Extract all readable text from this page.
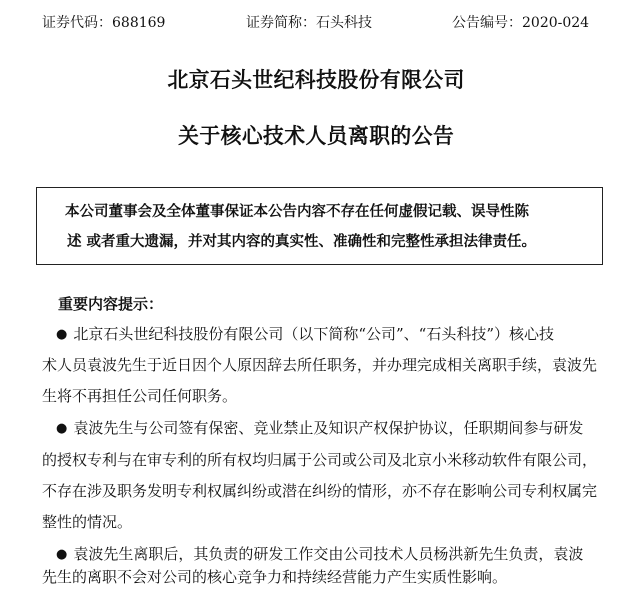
证券代码：688169	证券简称：石头科技	公告编号：2020-024
北京石头世纪科技股份有限公司
关于核心技术人员离职的公告
本公司董事会及全体董事保证本公告内容不存在任何虚假记载、误导性陈
述 或者重大遗漏，并对其内容的真实性、准确性和完整性承担法律责任。
重要内容提示：
● 北京石头世纪科技股份有限公司（以下简称“公司”、“石头科技”）核心技
术人员袁波先生于近日因个人原因辞去所任职务，并办理完成相关离职手续，袁波先
生将不再担任公司任何职务。
● 袁波先生与公司签有保密、竞业禁止及知识产权保护协议，任职期间参与研发
的授权专利与在审专利的所有权均归属于公司或公司及北京小米移动软件有限公司，
不存在涉及职务发明专利权属纠纷或潜在纠纷的情形，亦不存在影响公司专利权属完
整性的情况。
● 袁波先生离职后，其负责的研发工作交由公司技术人员杨洪新先生负责，袁波
先生的离职不会对公司的核心竞争力和持续经营能力产生实质性影响。
